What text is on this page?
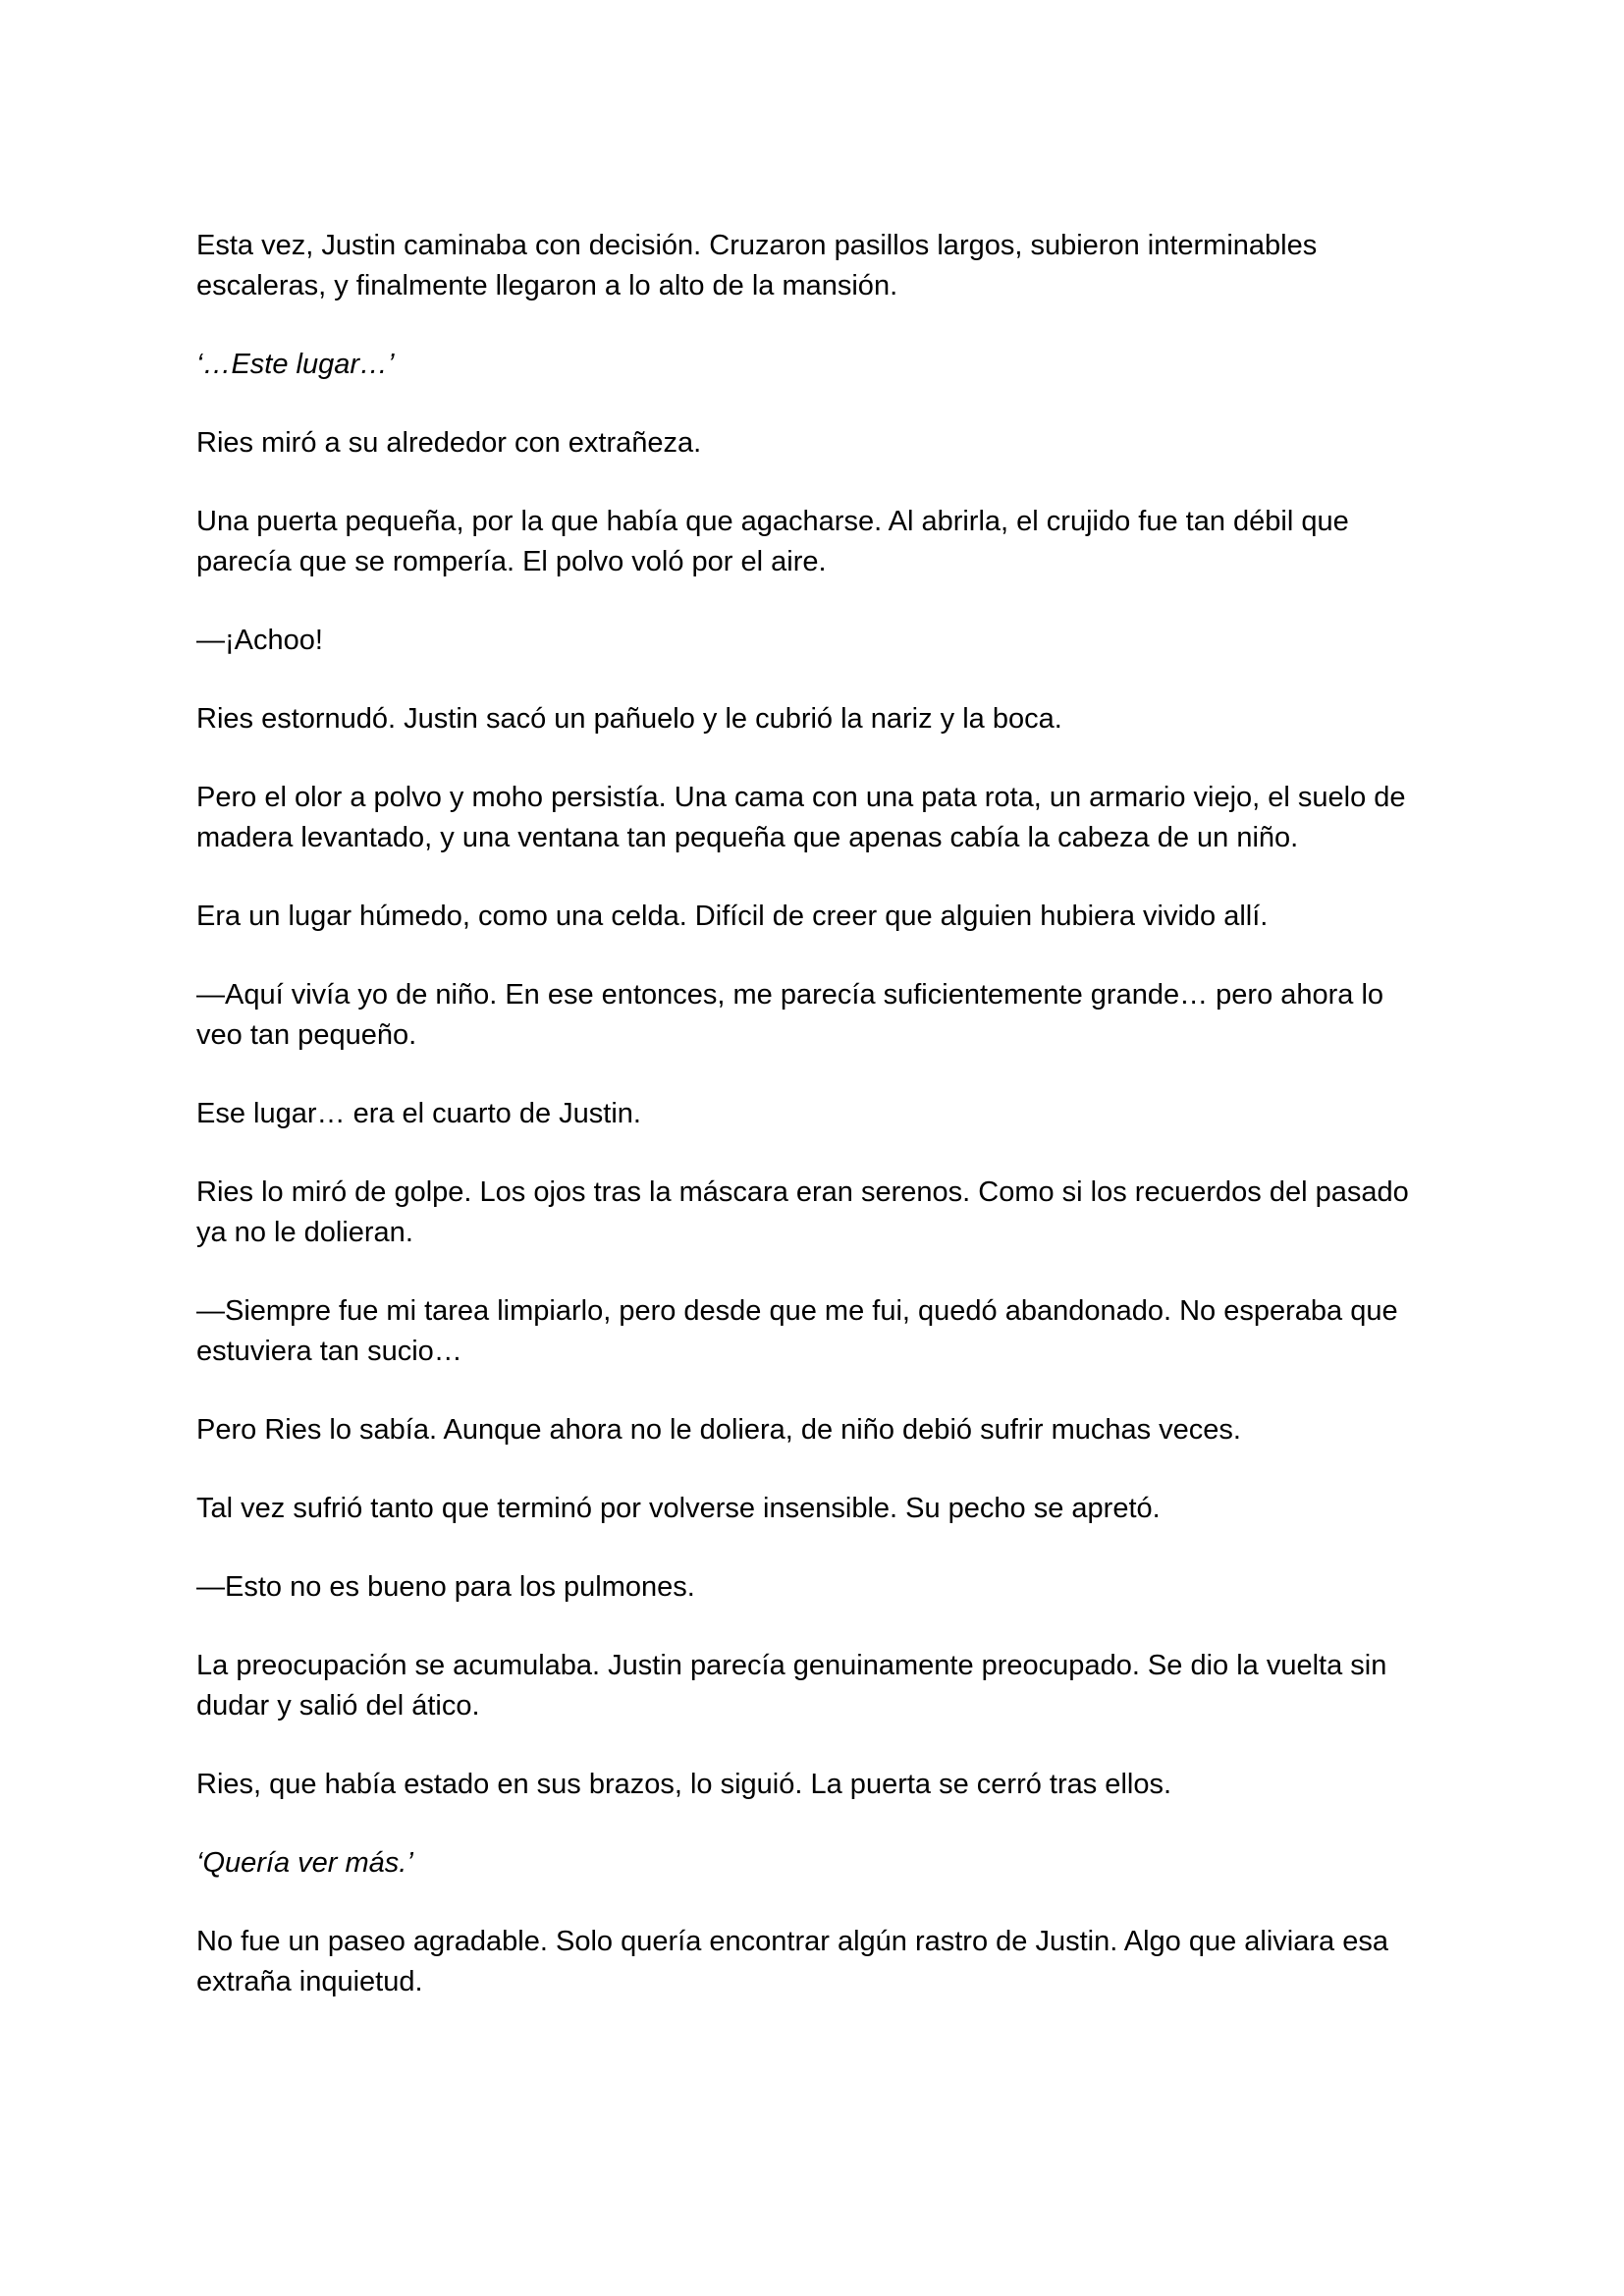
Esta vez, Justin caminaba con decisión. Cruzaron pasillos largos, subieron interminables escaleras, y finalmente llegaron a lo alto de la mansión.

‘…Este lugar…’

Ries miró a su alrededor con extrañeza.

Una puerta pequeña, por la que había que agacharse. Al abrirla, el crujido fue tan débil que parecía que se rompería. El polvo voló por el aire.

—¡Achoo!

Ries estornudó. Justin sacó un pañuelo y le cubrió la nariz y la boca.

Pero el olor a polvo y moho persistía. Una cama con una pata rota, un armario viejo, el suelo de madera levantado, y una ventana tan pequeña que apenas cabía la cabeza de un niño.

Era un lugar húmedo, como una celda. Difícil de creer que alguien hubiera vivido allí.

—Aquí vivía yo de niño. En ese entonces, me parecía suficientemente grande… pero ahora lo veo tan pequeño.

Ese lugar… era el cuarto de Justin.

Ries lo miró de golpe. Los ojos tras la máscara eran serenos. Como si los recuerdos del pasado ya no le dolieran.

—Siempre fue mi tarea limpiarlo, pero desde que me fui, quedó abandonado. No esperaba que estuviera tan sucio…

Pero Ries lo sabía. Aunque ahora no le doliera, de niño debió sufrir muchas veces.

Tal vez sufrió tanto que terminó por volverse insensible. Su pecho se apretó.

—Esto no es bueno para los pulmones.

La preocupación se acumulaba. Justin parecía genuinamente preocupado. Se dio la vuelta sin dudar y salió del ático.

Ries, que había estado en sus brazos, lo siguió. La puerta se cerró tras ellos.

‘Quería ver más.’

No fue un paseo agradable. Solo quería encontrar algún rastro de Justin. Algo que aliviara esa extraña inquietud.
